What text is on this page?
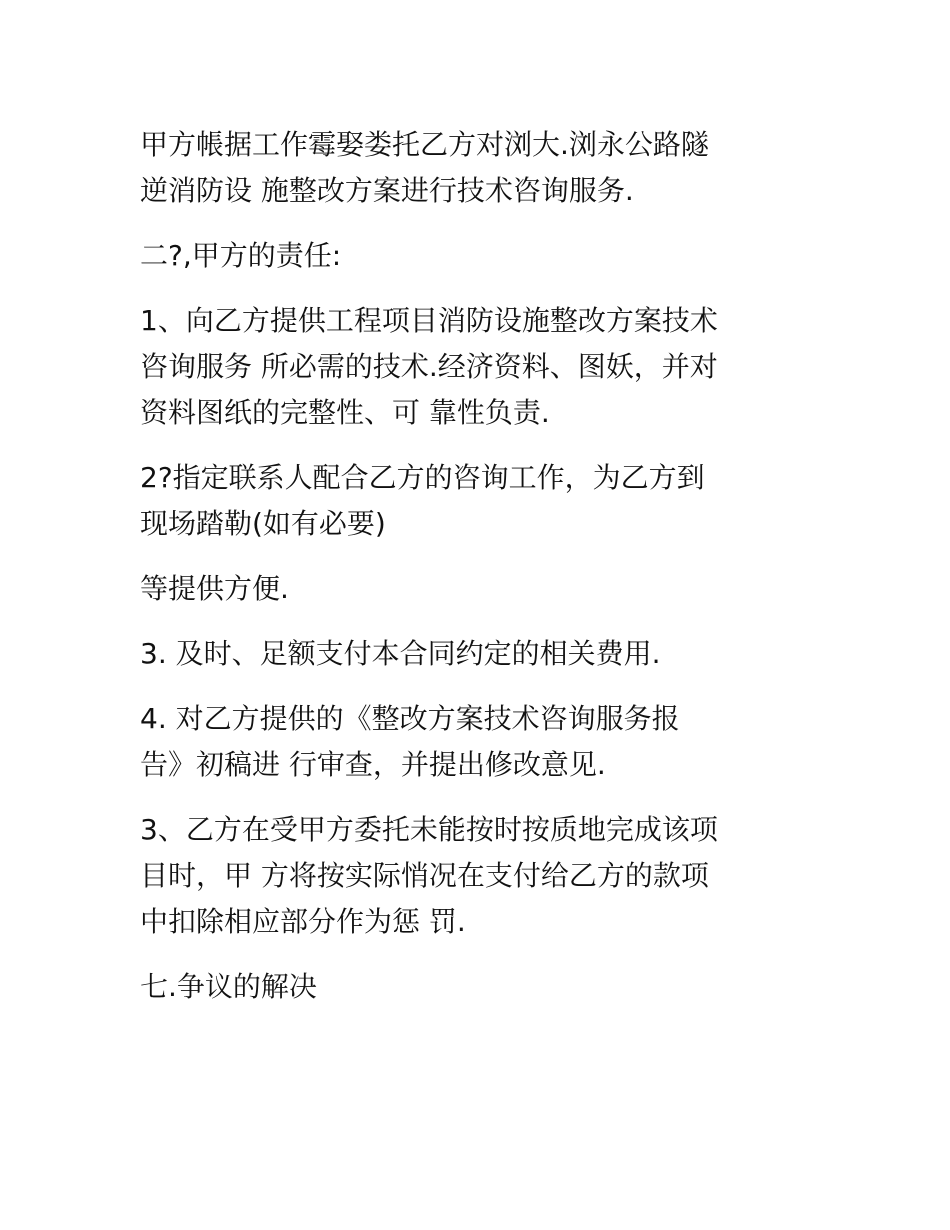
甲方帳据工作霉娶娄托乙方对浏大.浏永公路隧
逆消防设 施整改方案进行技术咨询服务.
二?,甲方的责任:
1、向乙方提供工程项目消防设施整改方案技术
咨询服务 所必需的技术.经济资料、图妖，并对
资料图纸的完整性、可 靠性负责.
2?指定联系人配合乙方的咨询工作，为乙方到
现场踏勒(如有必要)
等提供方便.
3. 及时、足额支付本合同约定的相关费用.
4. 对乙方提供的《整改方案技术咨询服务报
告》初稿进 行审查，并提出修改意见.
3、乙方在受甲方委托未能按时按质地完成该项
目时，甲 方将按实际悄况在支付给乙方的款项
中扣除相应部分作为惩 罚.
七.争议的解决
